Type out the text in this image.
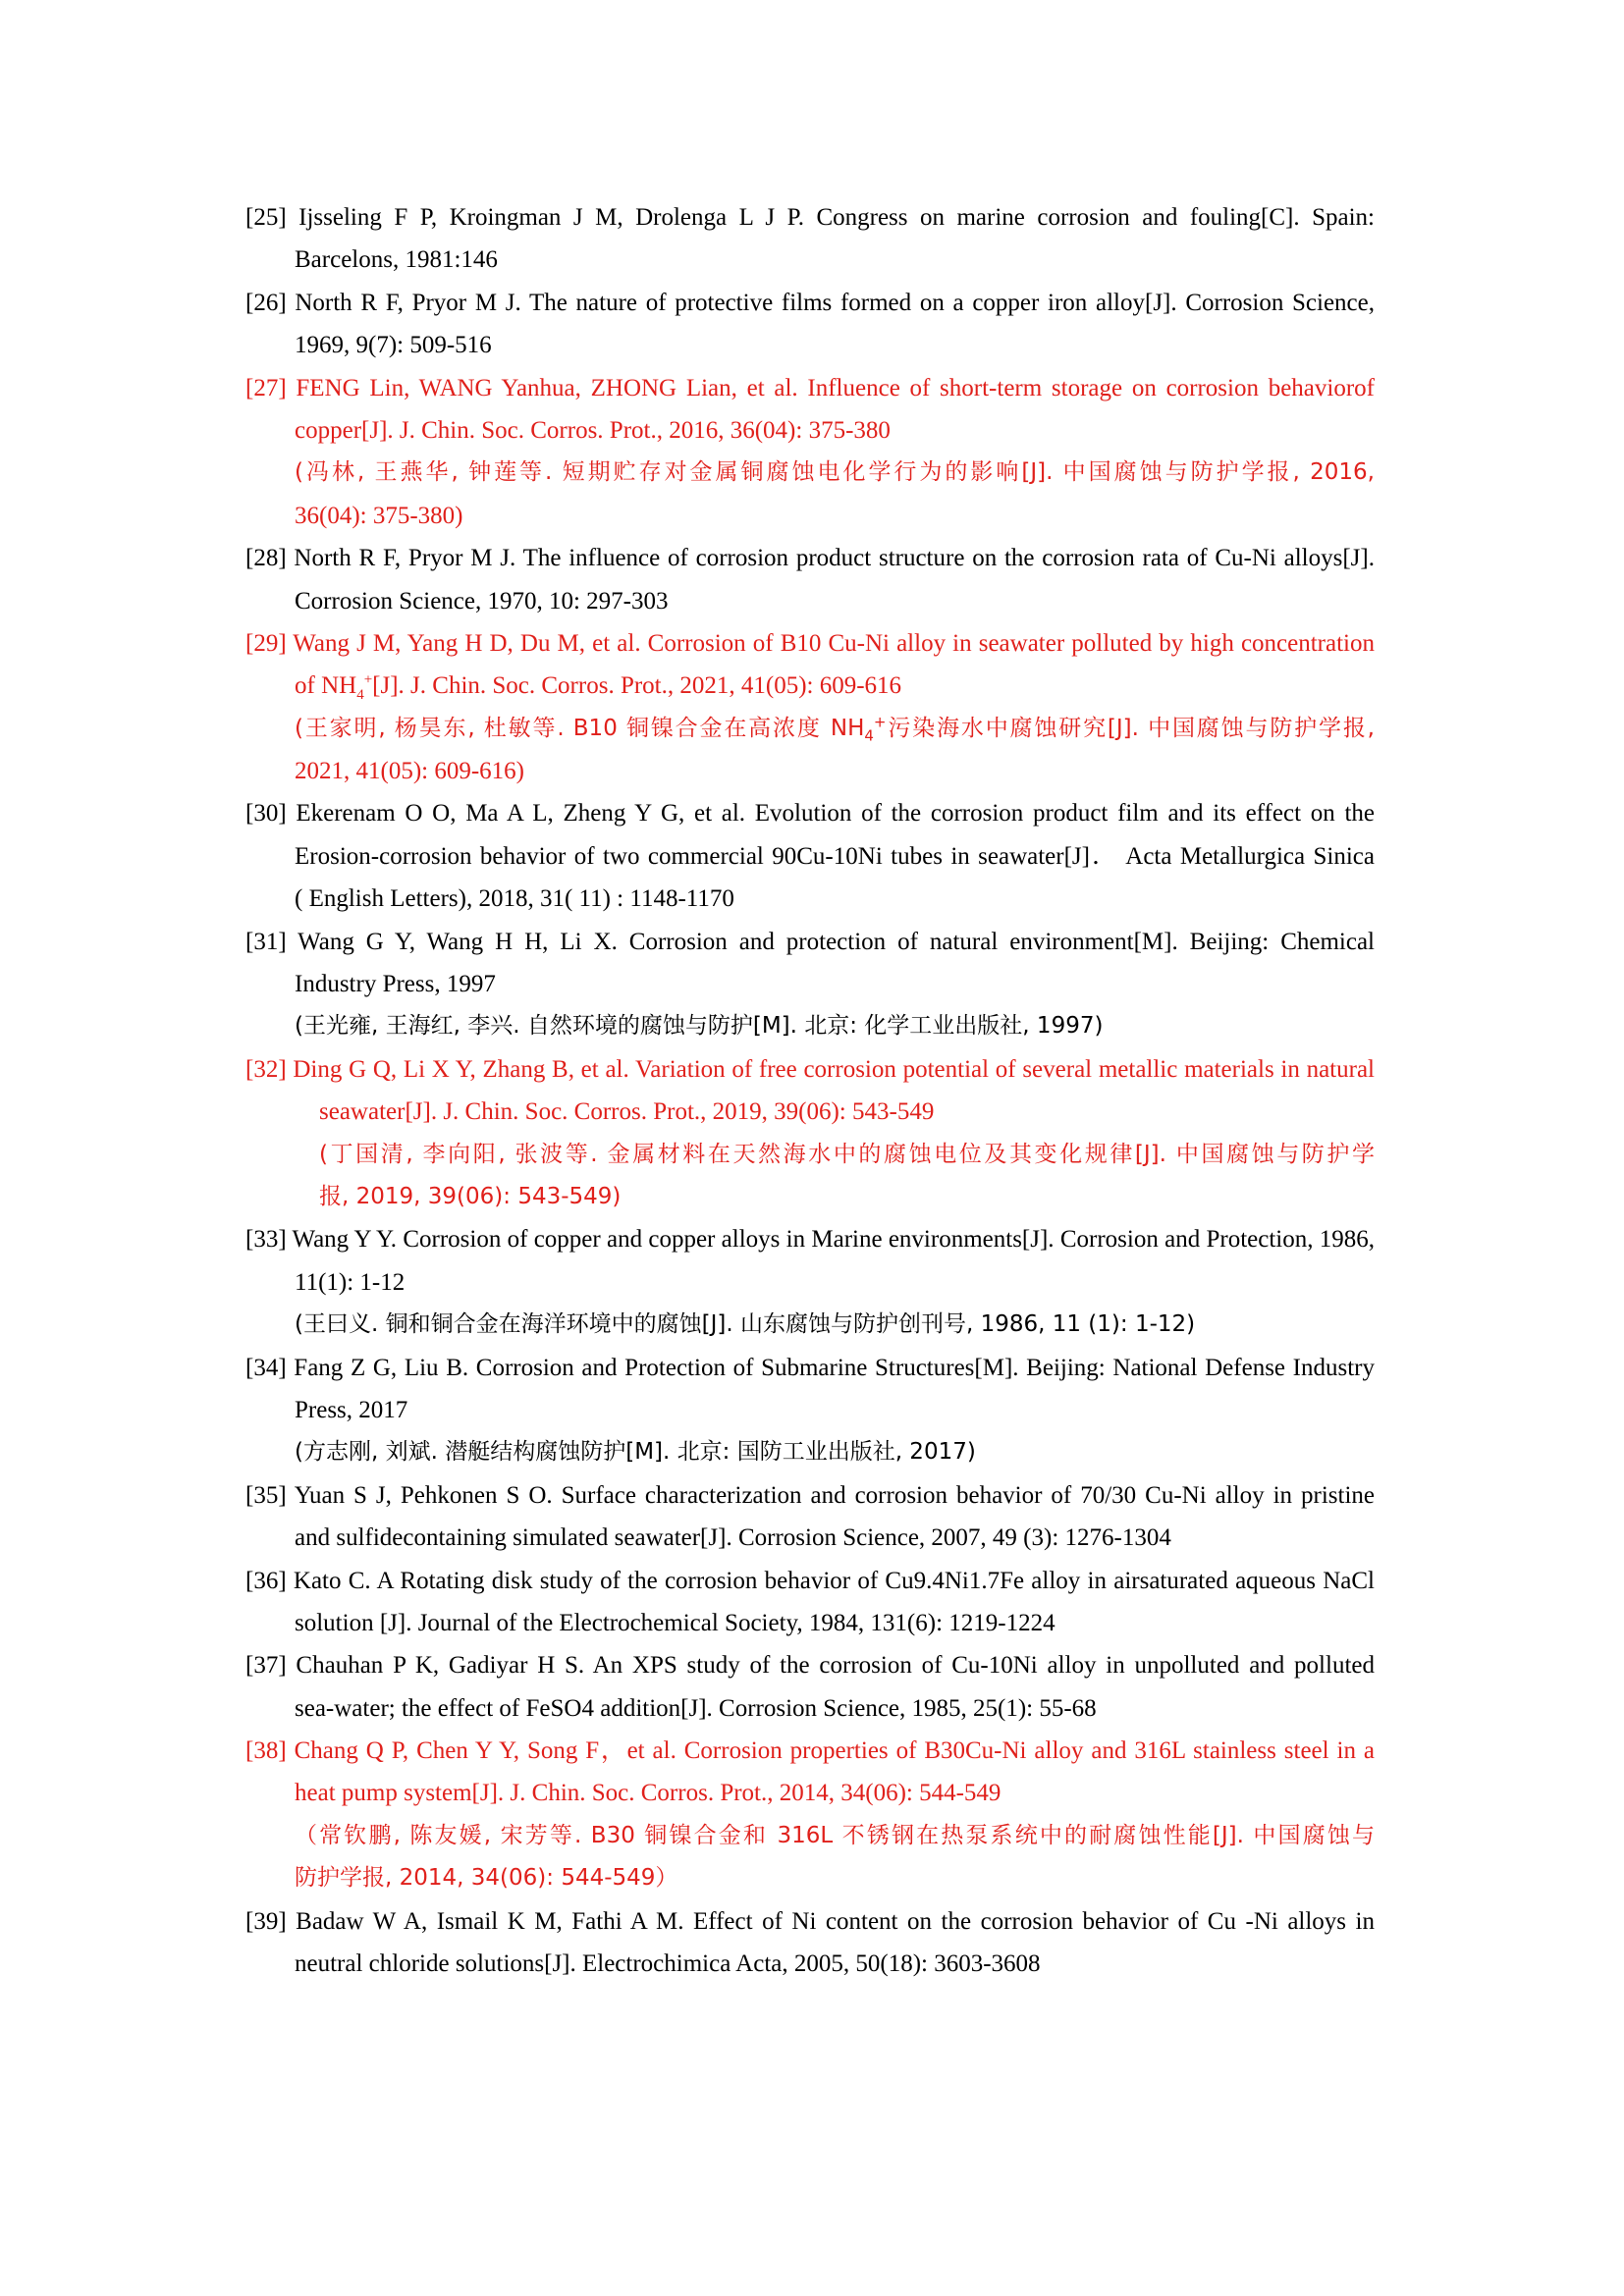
[25] Ijsseling F P, Kroingman J M, Drolenga L J P. Congress on marine corrosion and fouling[C]. Spain:
Barcelons, 1981:146
[26] North R F, Pryor M J. The nature of protective films formed on a copper iron alloy[J]. Corrosion Science,
1969, 9(7): 509-516
[27] FENG Lin, WANG Yanhua, ZHONG Lian, et al. Influence of short-term storage on corrosion behaviorof
copper[J]. J. Chin. Soc. Corros. Prot., 2016, 36(04): 375-380
(冯林, 王燕华, 钟莲等. 短期贮存对金属铜腐蚀电化学行为的影响[J]. 中国腐蚀与防护学报, 2016,
36(04): 375-380)
[28] North R F, Pryor M J. The influence of corrosion product structure on the corrosion rata of Cu-Ni alloys[J].
Corrosion Science, 1970, 10: 297-303
[29] Wang J M, Yang H D, Du M, et al. Corrosion of B10 Cu-Ni alloy in seawater polluted by high concentration
of $NH_4^+[J]$. J. Chin. Soc. Corros. Prot., 2021, 41(05): 609-616
(王家明, 杨昊东, 杜敏等. B10 铜镍合金在高浓度 $NH_4^+$污染海水中腐蚀研究[J]. 中国腐蚀与防护学报,
2021, 41(05): 609-616)
[30] Ekerenam O O, Ma A L, Zheng Y G, et al. Evolution of the corrosion product film and its effect on the
Erosion-corrosion behavior of two commercial 90Cu-10Ni tubes in seawater[J]． Acta Metallurgica Sinica
( English Letters), 2018, 31( 11) : 1148-1170
[31] Wang G Y, Wang H H, Li X. Corrosion and protection of natural environment[M]. Beijing: Chemical
Industry Press, 1997
(王光雍, 王海红, 李兴. 自然环境的腐蚀与防护[M]. 北京: 化学工业出版社, 1997)
[32] Ding G Q, Li X Y, Zhang B, et al. Variation of free corrosion potential of several metallic materials in natural
seawater[J]. J. Chin. Soc. Corros. Prot., 2019, 39(06): 543-549
(丁国清, 李向阳, 张波等. 金属材料在天然海水中的腐蚀电位及其变化规律[J]. 中国腐蚀与防护学
报, 2019, 39(06): 543-549)
[33] Wang Y Y. Corrosion of copper and copper alloys in Marine environments[J]. Corrosion and Protection, 1986,
11(1): 1-12
(王曰义. 铜和铜合金在海洋环境中的腐蚀[J]. 山东腐蚀与防护创刊号, 1986, 11 (1): 1-12)
[34] Fang Z G, Liu B. Corrosion and Protection of Submarine Structures[M]. Beijing: National Defense Industry
Press, 2017
(方志刚, 刘斌. 潜艇结构腐蚀防护[M]. 北京: 国防工业出版社, 2017)
[35] Yuan S J, Pehkonen S O. Surface characterization and corrosion behavior of 70/30 Cu-Ni alloy in pristine
and sulfidecontaining simulated seawater[J]. Corrosion Science, 2007, 49 (3): 1276-1304
[36] Kato C. A Rotating disk study of the corrosion behavior of Cu9.4Ni1.7Fe alloy in airsaturated aqueous NaCl
solution [J]. Journal of the Electrochemical Society, 1984, 131(6): 1219-1224
[37] Chauhan P K, Gadiyar H S. An XPS study of the corrosion of Cu-10Ni alloy in unpolluted and polluted
sea-water; the effect of FeSO4 addition[J]. Corrosion Science, 1985, 25(1): 55-68
[38] Chang Q P, Chen Y Y, Song F，et al. Corrosion properties of B30Cu-Ni alloy and 316L stainless steel in a
heat pump system[J]. J. Chin. Soc. Corros. Prot., 2014, 34(06): 544-549
（常钦鹏, 陈友媛, 宋芳等. B30 铜镍合金和 316L 不锈钢在热泵系统中的耐腐蚀性能[J]. 中国腐蚀与
防护学报, 2014, 34(06): 544-549）
[39] Badaw W A, Ismail K M, Fathi A M. Effect of Ni content on the corrosion behavior of Cu -Ni alloys in
neutral chloride solutions[J]. Electrochimica Acta, 2005, 50(18): 3603-3608
